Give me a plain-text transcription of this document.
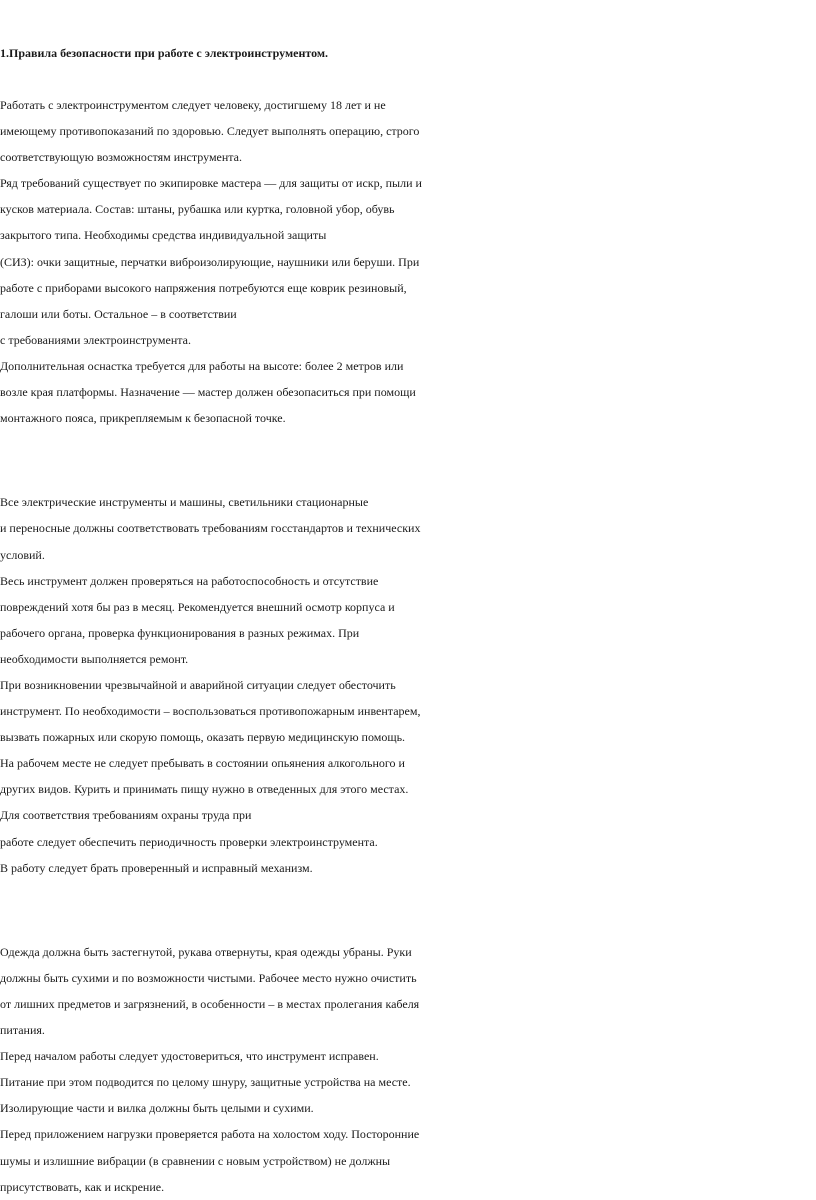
1.Правила безопасности при работе с электроинструментом.

Работать с электроинструментом следует человеку, достигшему 18 лет и не

имеющему противопоказаний по здоровью. Следует выполнять операцию, строго

соответствующую возможностям инструмента.

Ряд требований существует по экипировке мастера — для защиты от искр, пыли и

кусков материала. Состав: штаны, рубашка или куртка, головной убор, обувь

закрытого типа. Необходимы средства индивидуальной защиты

(СИЗ): очки защитные, перчатки виброизолирующие, наушники или беруши. При

работе с приборами высокого напряжения потребуются еще коврик резиновый,

галоши или боты. Остальное – в соответствии

с требованиями электроинструмента.

Дополнительная оснастка требуется для работы на высоте: более 2 метров или

возле края платформы. Назначение — мастер должен обезопаситься при помощи

монтажного пояса, прикрепляемым к безопасной точке.

Все электрические инструменты и машины, светильники стационарные

и переносные должны соответствовать требованиям госстандартов и технических

условий.

Весь инструмент должен проверяться на работоспособность и отсутствие

повреждений хотя бы раз в месяц. Рекомендуется внешний осмотр корпуса и

рабочего органа, проверка функционирования в разных режимах. При

необходимости выполняется ремонт.

При возникновении чрезвычайной и аварийной ситуации следует обесточить

инструмент. По необходимости – воспользоваться противопожарным инвентарем,

вызвать пожарных или скорую помощь, оказать первую медицинскую помощь.

На рабочем месте не следует пребывать в состоянии опьянения алкогольного и

других видов. Курить и принимать пищу нужно в отведенных для этого местах.

Для соответствия требованиям охраны труда при

работе следует обеспечить периодичность проверки электроинструмента.

В работу следует брать проверенный и исправный механизм.

Одежда должна быть застегнутой, рукава отвернуты, края одежды убраны. Руки

должны быть сухими и по возможности чистыми. Рабочее место нужно очистить

от лишних предметов и загрязнений, в особенности – в местах пролегания кабеля

питания.

Перед началом работы следует удостовериться, что инструмент исправен.

Питание при этом подводится по целому шнуру, защитные устройства на месте.

Изолирующие части и вилка должны быть целыми и сухими.

Перед приложением нагрузки проверяется работа на холостом ходу. Посторонние

шумы и излишние вибрации (в сравнении с новым устройством) не должны

присутствовать, как и искрение.
